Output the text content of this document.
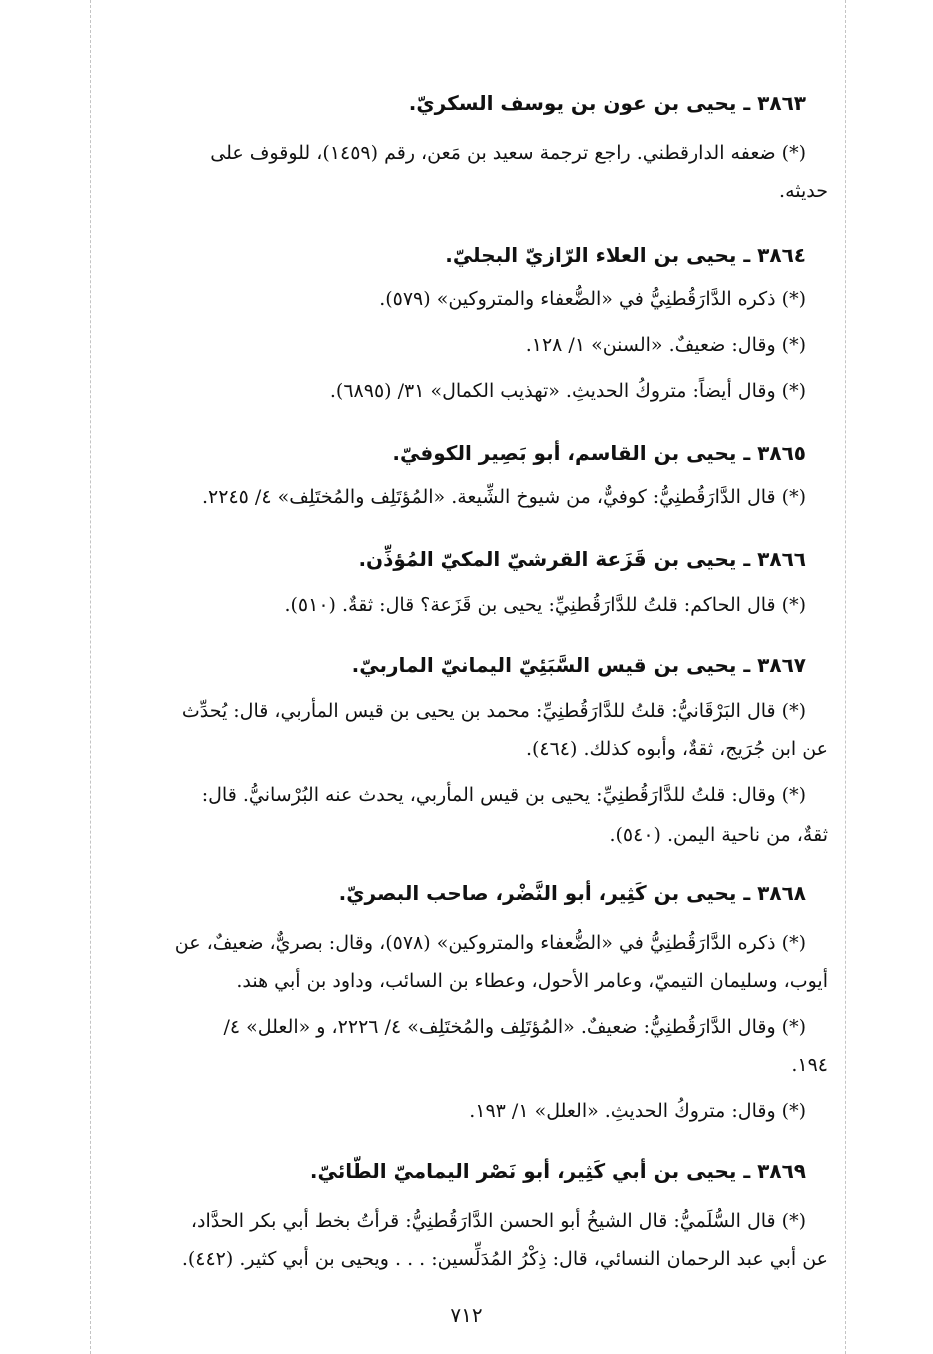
٣٨٦٣ ـ يحيى بن عون بن يوسف السكريّ.
(*) ضعفه الدارقطني. راجع ترجمة سعيد بن مَعن، رقم (١٤٥٩)، للوقوف على
حديثه.
٣٨٦٤ ـ يحيى بن العلاء الرّازيّ البجليّ.
(*) ذكره الدَّارَقُطنِيُّ في «الضُّعفاء والمتروكين» (٥٧٩).
(*) وقال: ضعيفٌ. «السنن» ١/ ١٢٨.
(*) وقال أيضاً: متروكُ الحديثِ. «تهذيب الكمال» ٣١/ (٦٨٩٥).
٣٨٦٥ ـ يحيى بن القاسم، أبو بَصِير الكوفيّ.
(*) قال الدَّارَقُطنِيُّ: كوفيٌّ، من شيوخ الشِّيعة. «المُؤتَلِف والمُختَلِف» ٤/ ٢٢٤٥.
٣٨٦٦ ـ يحيى بن قَزَعة القرشيّ المكيّ المُؤذِّن.
(*) قال الحاكم: قلتُ للدَّارَقُطنِيِّ: يحيى بن قَزَعة؟ قال: ثقةٌ. (٥١٠).
٣٨٦٧ ـ يحيى بن قيس السَّبَئِيّ اليمانيّ الماربيّ.
(*) قال البَرْقَانيُّ: قلتُ للدَّارَقُطنِيِّ: محمد بن يحيى بن قيس المأربي، قال: يُحدِّث
عن ابن جُرَيج، ثقةٌ، وأبوه كذلك. (٤٦٤).
(*) وقال: قلتُ للدَّارَقُطنِيِّ: يحيى بن قيس المأربي، يحدث عنه البُرْسانيُّ. قال:
ثقةٌ، من ناحية اليمن. (٥٤٠).
٣٨٦٨ ـ يحيى بن كَثِير، أبو النَّضْر، صاحب البصريّ.
(*) ذكره الدَّارَقُطنِيُّ في «الضُّعفاء والمتروكين» (٥٧٨)، وقال: بصريٌّ، ضعيفٌ، عن
أيوب، وسليمان التيميّ، وعامر الأحول، وعطاء بن السائب، وداود بن أبي هند.
(*) وقال الدَّارَقُطنِيُّ: ضعيفٌ. «المُؤتَلِف والمُختَلِف» ٤/ ٢٢٢٦، و «العلل» ٤/
١٩٤.
(*) وقال: متروكُ الحديثِ. «العلل» ١/ ١٩٣.
٣٨٦٩ ـ يحيى بن أبي كَثِير، أبو نَصْر اليماميّ الطّائيّ.
(*) قال السُّلَميُّ: قال الشيخُ أبو الحسن الدَّارَقُطنِيُّ: قرأتُ بخط أبي بكر الحدَّاد،
عن أبي عبد الرحمان النسائي، قال: ذِكْرُ المُدَلِّسين: . . . ويحيى بن أبي كثير. (٤٤٢).
٧١٢
